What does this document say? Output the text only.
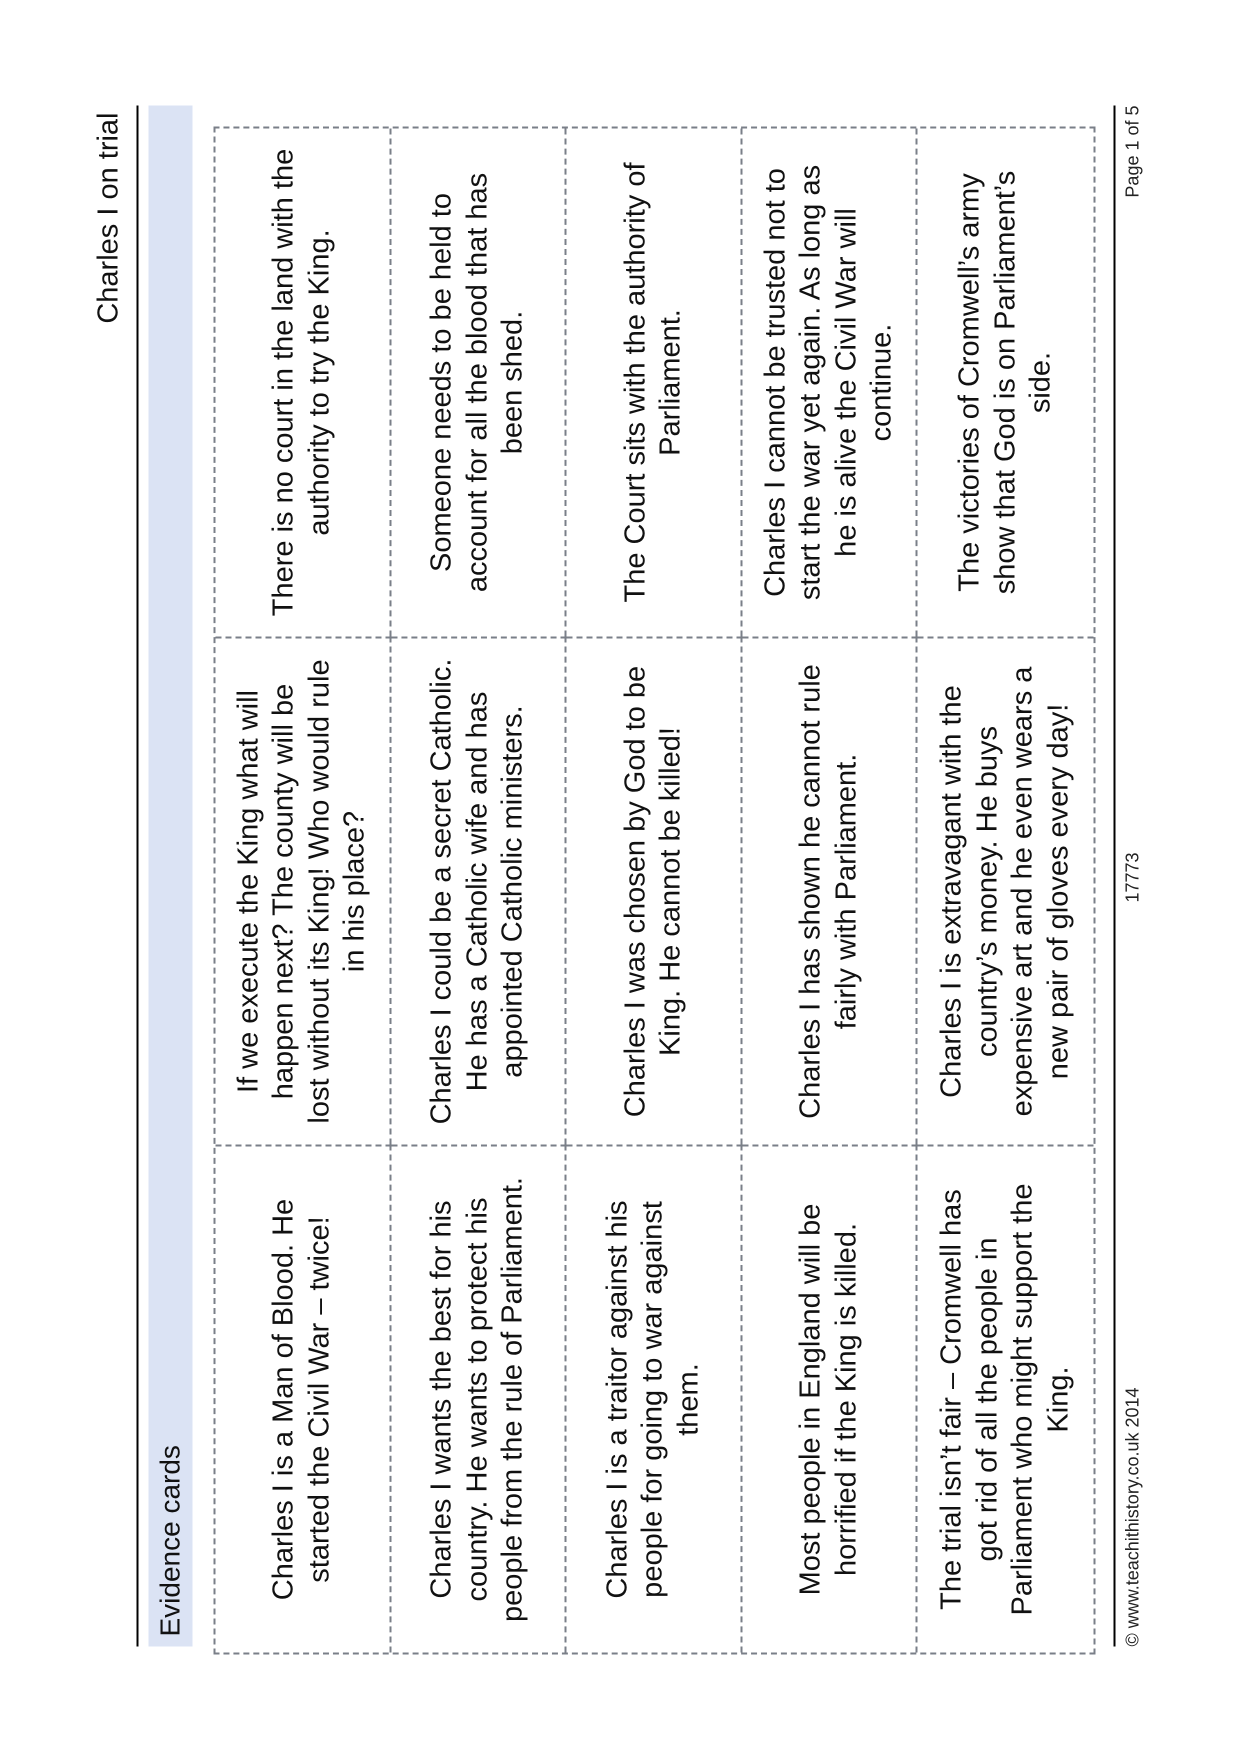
Charles I on trial
Evidence cards	Charles I is a Man of Blood. He started the Civil War – twice!
If we execute the King what will happen next? The county will be lost without its King! Who would rule in his place?
There is no court in the land with the authority to try the King.
Charles I wants the best for his country. He wants to protect his people from the rule of Parliament.
Charles I could be a secret Catholic. He has a Catholic wife and has appointed Catholic ministers.
Someone needs to be held to account for all the blood that has been shed.
Charles I is a traitor against his people for going to war against them.
Charles I was chosen by God to be King. He cannot be killed!
The Court sits with the authority of Parliament.
Most people in England will be horrified if the King is killed.
Charles I has shown he cannot rule fairly with Parliament.
Charles I cannot be trusted not to start the war yet again. As long as he is alive the Civil War will continue.
The trial isn’t fair – Cromwell has got rid of all the people in Parliament who might support the King.
Charles I is extravagant with the country’s money. He buys expensive art and he even wears a new pair of gloves every day!
The victories of Cromwell’s army show that God is on Parliament’s side.
© www.teachithistory.co.uk 2014
17773
Page 1 of 5
